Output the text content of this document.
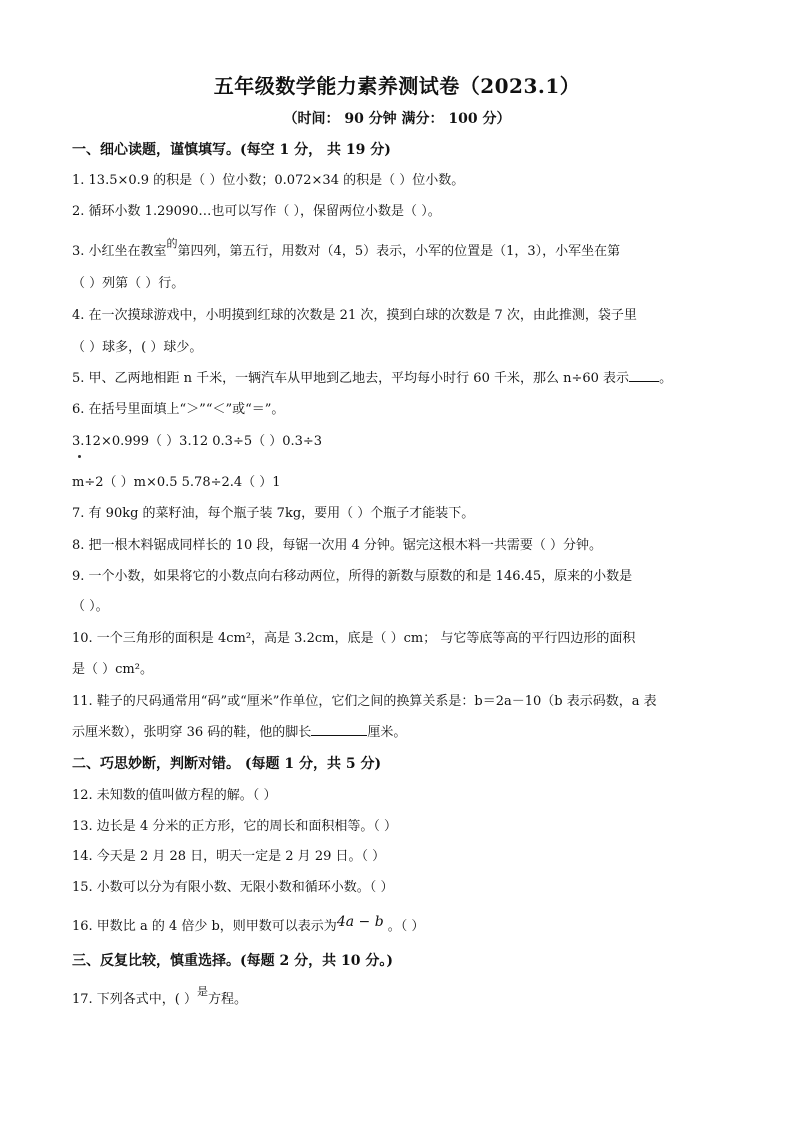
五年级数学能力素养测试卷（2023.1）
（时间： 90 分钟 满分： 100 分）
一、细心读题，谨慎填写。(每空 1 分， 共 19 分)
1. 13.5×0.9 的积是（ ）位小数；0.072×34 的积是（ ）位小数。
2. 循环小数 1.29090…也可以写作（ ），保留两位小数是（ ）。
3. 小红坐在教室$^的$第四列，第五行，用数对（4，5）表示，小军的位置是（1，3），小军坐在第
（ ）列第（ ）行。
4. 在一次摸球游戏中，小明摸到红球的次数是 21 次，摸到白球的次数是 7 次，由此推测，袋子里
（ ）球多，( ）球少。
5. 甲、乙两地相距 n 千米，一辆汽车从甲地到乙地去，平均每小时行 60 千米，那么 n÷60 表示 。
6. 在括号里面填上“＞”“＜”或“＝”。
3.12×0.999（ ）3.12 0.3÷5（ ）0.3÷3
m÷2（ ）m×0.5 5.78÷2.4（ ）1
7. 有 90kg 的菜籽油，每个瓶子装 7kg，要用（ ）个瓶子才能装下。
8. 把一根木料锯成同样长的 10 段，每锯一次用 4 分钟。锯完这根木料一共需要（ ）分钟。
9. 一个小数，如果将它的小数点向右移动两位，所得的新数与原数的和是 146.45，原来的小数是
（ ）。
10. 一个三角形的面积是 4cm²，高是 3.2cm，底是（ ）cm； 与它等底等高的平行四边形的面积
是（ ）cm²。
11. 鞋子的尺码通常用“码”或“厘米”作单位，它们之间的换算关系是：b＝2a－10（b 表示码数，a 表
示厘米数），张明穿 36 码的鞋，他的脚长	厘米。
二、巧思妙断，判断对错。 (每题 1 分，共 5 分)
12. 未知数的值叫做方程的解。（ ）
13. 边长是 4 分米的正方形，它的周长和面积相等。（ ）
14. 今天是 2 月 28 日，明天一定是 2 月 29 日。（ ）
15. 小数可以分为有限小数、无限小数和循环小数。（ ）
16. 甲数比 a 的 4 倍少 b，则甲数可以表示为4a − b 。（ ）
三、反复比较，慎重选择。(每题 2 分，共 10 分。)
17. 下列各式中，( ）$^是$方程。
